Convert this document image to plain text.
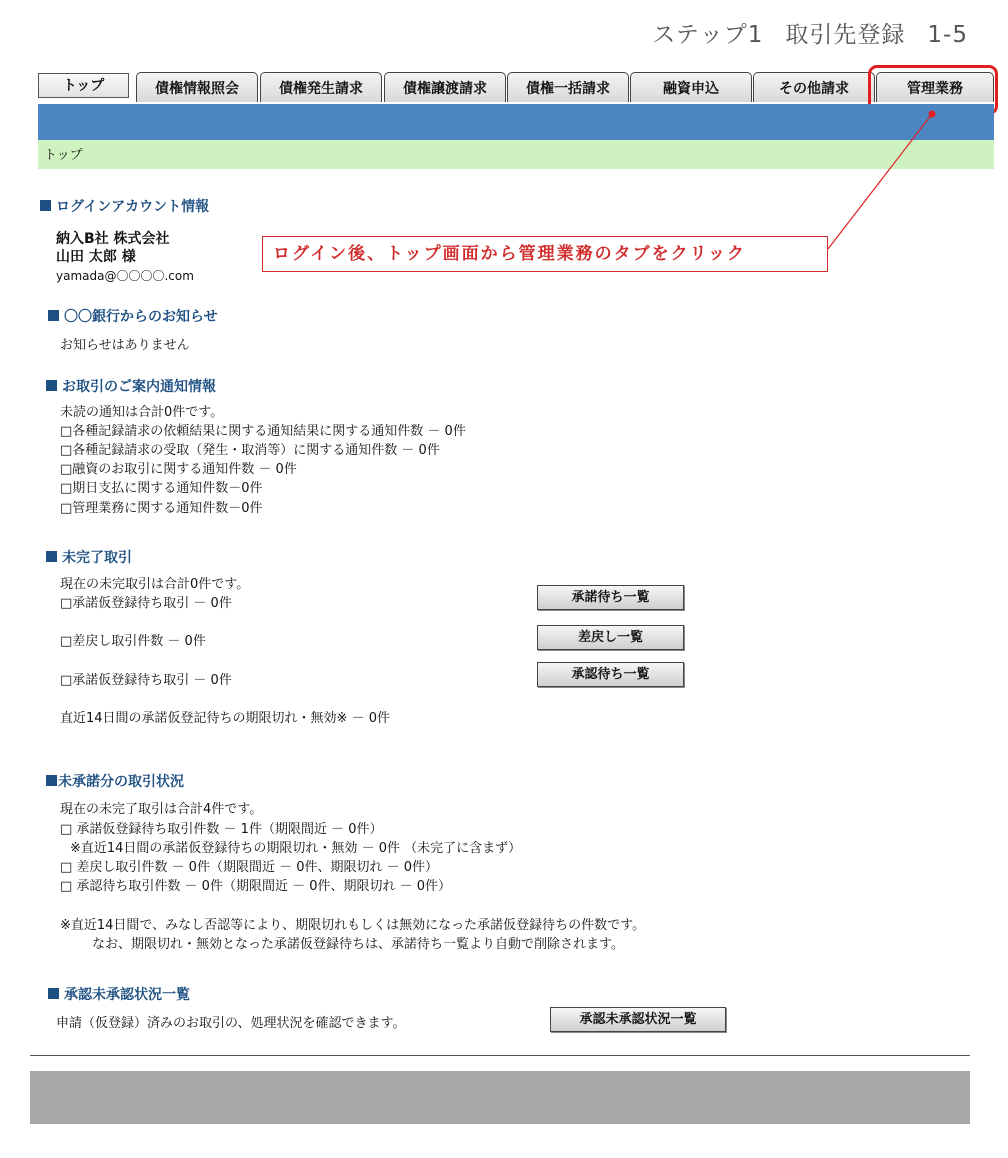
ステップ1 取引先登録 1-5
トップ	債権情報照会	債権発生請求	債権譲渡請求	債権一括請求	融資申込	その他請求	管理業務
トップ
ログイン後、トップ画面から管理業務のタブをクリック
ログインアカウント情報
納入B社 株式会社
山田 太郎 様
yamada@〇〇〇〇.com
〇〇銀行からのお知らせ
お知らせはありません
お取引のご案内通知情報
未読の通知は合計0件です。
□各種記録請求の依頼結果に関する通知結果に関する通知件数 － 0件
□各種記録請求の受取（発生・取消等）に関する通知件数 － 0件
□融資のお取引に関する通知件数 － 0件
□期日支払に関する通知件数－0件
□管理業務に関する通知件数－0件
未完了取引
現在の未完取引は合計0件です。
□承諾仮登録待ち取引 － 0件	承諾待ち一覧
□差戻し取引件数 － 0件	差戻し一覧
□承諾仮登録待ち取引 － 0件	承認待ち一覧
直近14日間の承諾仮登記待ちの期限切れ・無効※ － 0件
未承諾分の取引状況
現在の未完了取引は合計4件です。
□ 承諾仮登録待ち取引件数 － 1件（期限間近 － 0件）
※直近14日間の承諾仮登録待ちの期限切れ・無効 － 0件 （未完了に含まず）
□ 差戻し取引件数 － 0件（期限間近 － 0件、期限切れ － 0件）
□ 承認待ち取引件数 － 0件（期限間近 － 0件、期限切れ － 0件）
※直近14日間で、みなし否認等により、期限切れもしくは無効になった承諾仮登録待ちの件数です。
なお、期限切れ・無効となった承諾仮登録待ちは、承諾待ち一覧より自動で削除されます。
承認未承認状況一覧
申請（仮登録）済みのお取引の、処理状況を確認できます。	承認未承認状況一覧
